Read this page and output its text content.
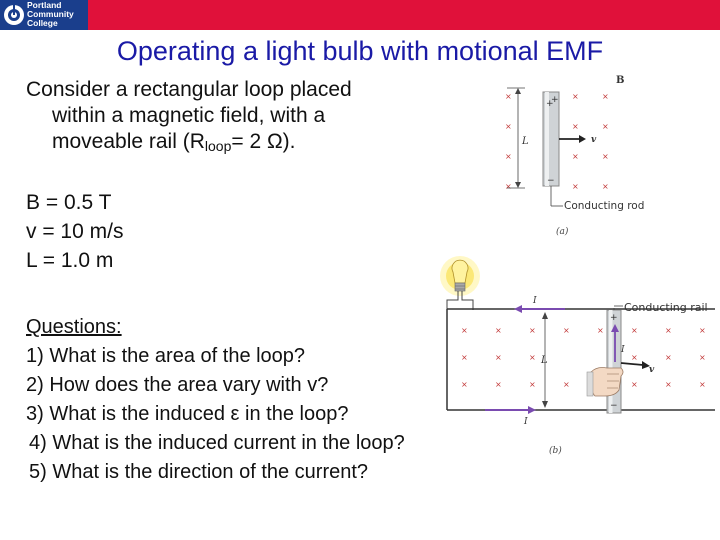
Portland
Community
College
Operating a light bulb with motional EMF
Consider a rectangular loop placed
within a magnetic field, with a
moveable rail ($R_{loop}= 2$ Ω).
B = 0.5 T
v = 10 m/s
L = 1.0 m
Questions:
1) What is the area of the loop?
2) How does the area vary with v?
3) What is the induced ε in the loop?
4) What is the induced current in the loop?
5) What is the direction of the current?
×
×
×
×
×
×
×
×
×
×
×
×
B
L
+
+
−
v
Conducting rod
(a)
×
×
×
×
×
×
×
×
×
×
×
×	×
×
×
×
×
×
×
×
×
I
I
L
+
−
I
v
Conducting rail
(b)
